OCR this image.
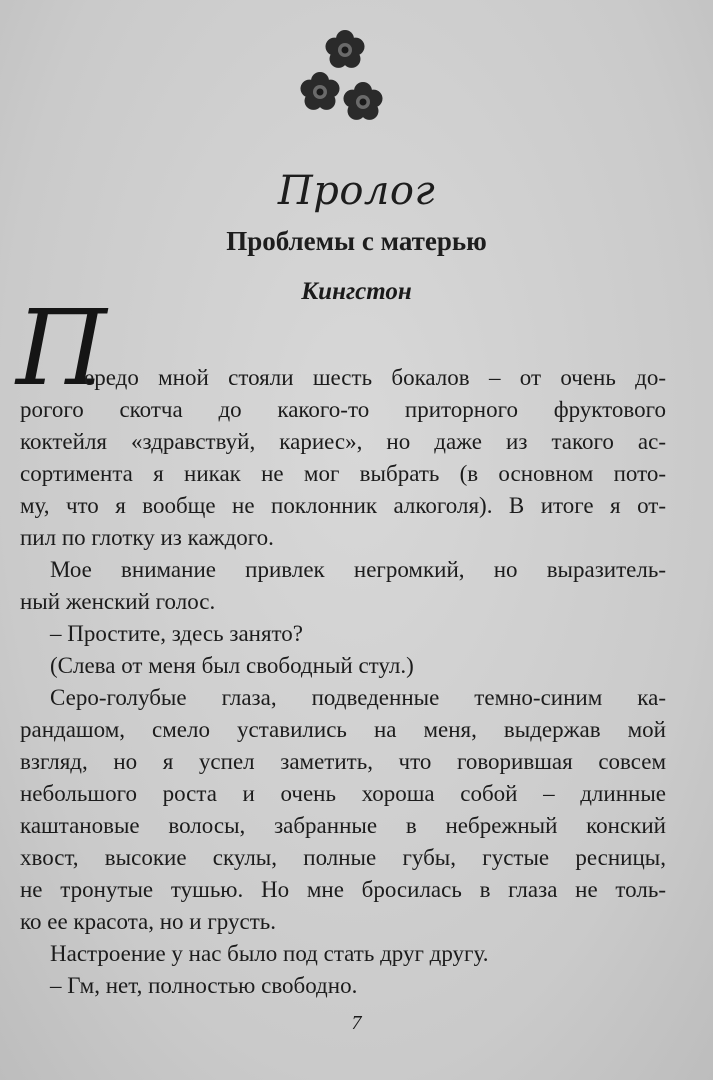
Пролог
Проблемы с матерью
Кингстон
П
ередо мной стояли шесть бокалов – от очень до-
рогого скотча до какого-то приторного фруктового
коктейля «здравствуй, кариес», но даже из такого ас-
сортимента я никак не мог выбрать (в основном пото-
му, что я вообще не поклонник алкоголя). В итоге я от-
пил по глотку из каждого.
Мое внимание привлек негромкий, но выразитель-
ный женский голос.
– Простите, здесь занято?
(Слева от меня был свободный стул.)
Серо-голубые глаза, подведенные темно-синим ка-
рандашом, смело уставились на меня, выдержав мой
взгляд, но я успел заметить, что говорившая совсем
небольшого роста и очень хороша собой – длинные
каштановые волосы, забранные в небрежный конский
хвост, высокие скулы, полные губы, густые ресницы,
не тронутые тушью. Но мне бросилась в глаза не толь-
ко ее красота, но и грусть.
Настроение у нас было под стать друг другу.
– Гм, нет, полностью свободно.
7
